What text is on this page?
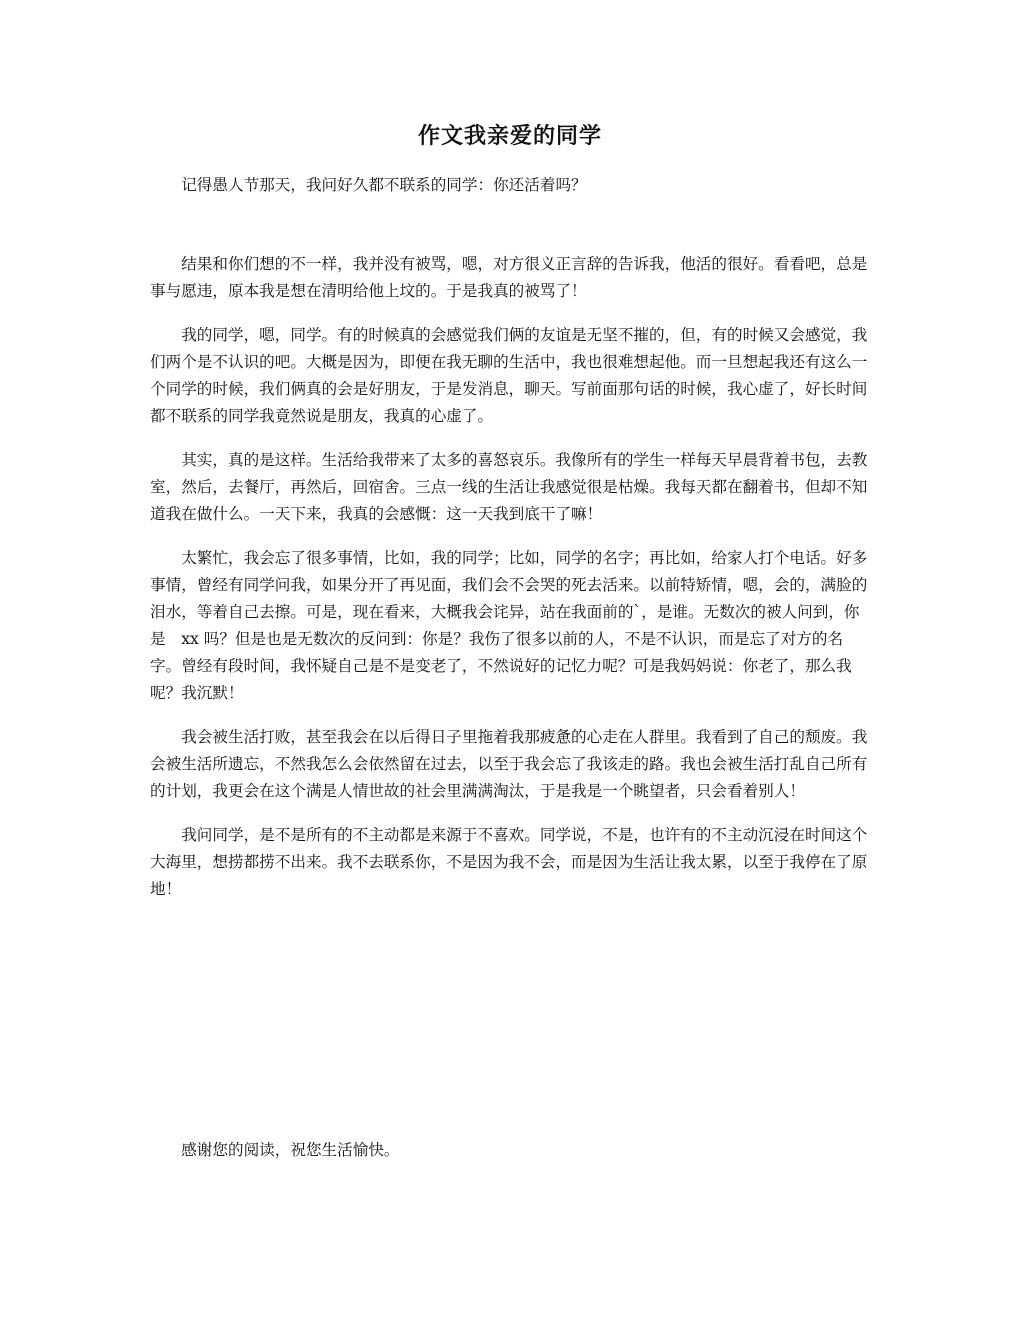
作文我亲爱的同学

记得愚人节那天，我问好久都不联系的同学：你还活着吗？

结果和你们想的不一样，我并没有被骂，嗯，对方很义正言辞的告诉我，他活的很好。看看吧，总是事与愿违，原本我是想在清明给他上坟的。于是我真的被骂了！

我的同学，嗯，同学。有的时候真的会感觉我们俩的友谊是无坚不摧的，但，有的时候又会感觉，我们两个是不认识的吧。大概是因为，即便在我无聊的生活中，我也很难想起他。而一旦想起我还有这么一个同学的时候，我们俩真的会是好朋友，于是发消息，聊天。写前面那句话的时候，我心虚了，好长时间都不联系的同学我竟然说是朋友，我真的心虚了。

其实，真的是这样。生活给我带来了太多的喜怒哀乐。我像所有的学生一样每天早晨背着书包，去教室，然后，去餐厅，再然后，回宿舍。三点一线的生活让我感觉很是枯燥。我每天都在翻着书，但却不知道我在做什么。一天下来，我真的会感慨：这一天我到底干了嘛！

太繁忙，我会忘了很多事情，比如，我的同学；比如，同学的名字；再比如，给家人打个电话。好多事情，曾经有同学问我，如果分开了再见面，我们会不会哭的死去活来。以前特矫情，嗯，会的，满脸的泪水，等着自己去擦。可是，现在看来，大概我会诧异，站在我面前的`，是谁。无数次的被人问到，你是　xx 吗？但是也是无数次的反问到：你是？我伤了很多以前的人，不是不认识，而是忘了对方的名字。曾经有段时间，我怀疑自己是不是变老了，不然说好的记忆力呢？可是我妈妈说：你老了，那么我呢？我沉默！

我会被生活打败，甚至我会在以后得日子里拖着我那疲惫的心走在人群里。我看到了自己的颓废。我会被生活所遗忘，不然我怎么会依然留在过去，以至于我会忘了我该走的路。我也会被生活打乱自己所有的计划，我更会在这个满是人情世故的社会里满满淘汰，于是我是一个眺望者，只会看着别人！

我问同学，是不是所有的不主动都是来源于不喜欢。同学说，不是，也许有的不主动沉浸在时间这个大海里，想捞都捞不出来。我不去联系你，不是因为我不会，而是因为生活让我太累，以至于我停在了原地！

感谢您的阅读，祝您生活愉快。
